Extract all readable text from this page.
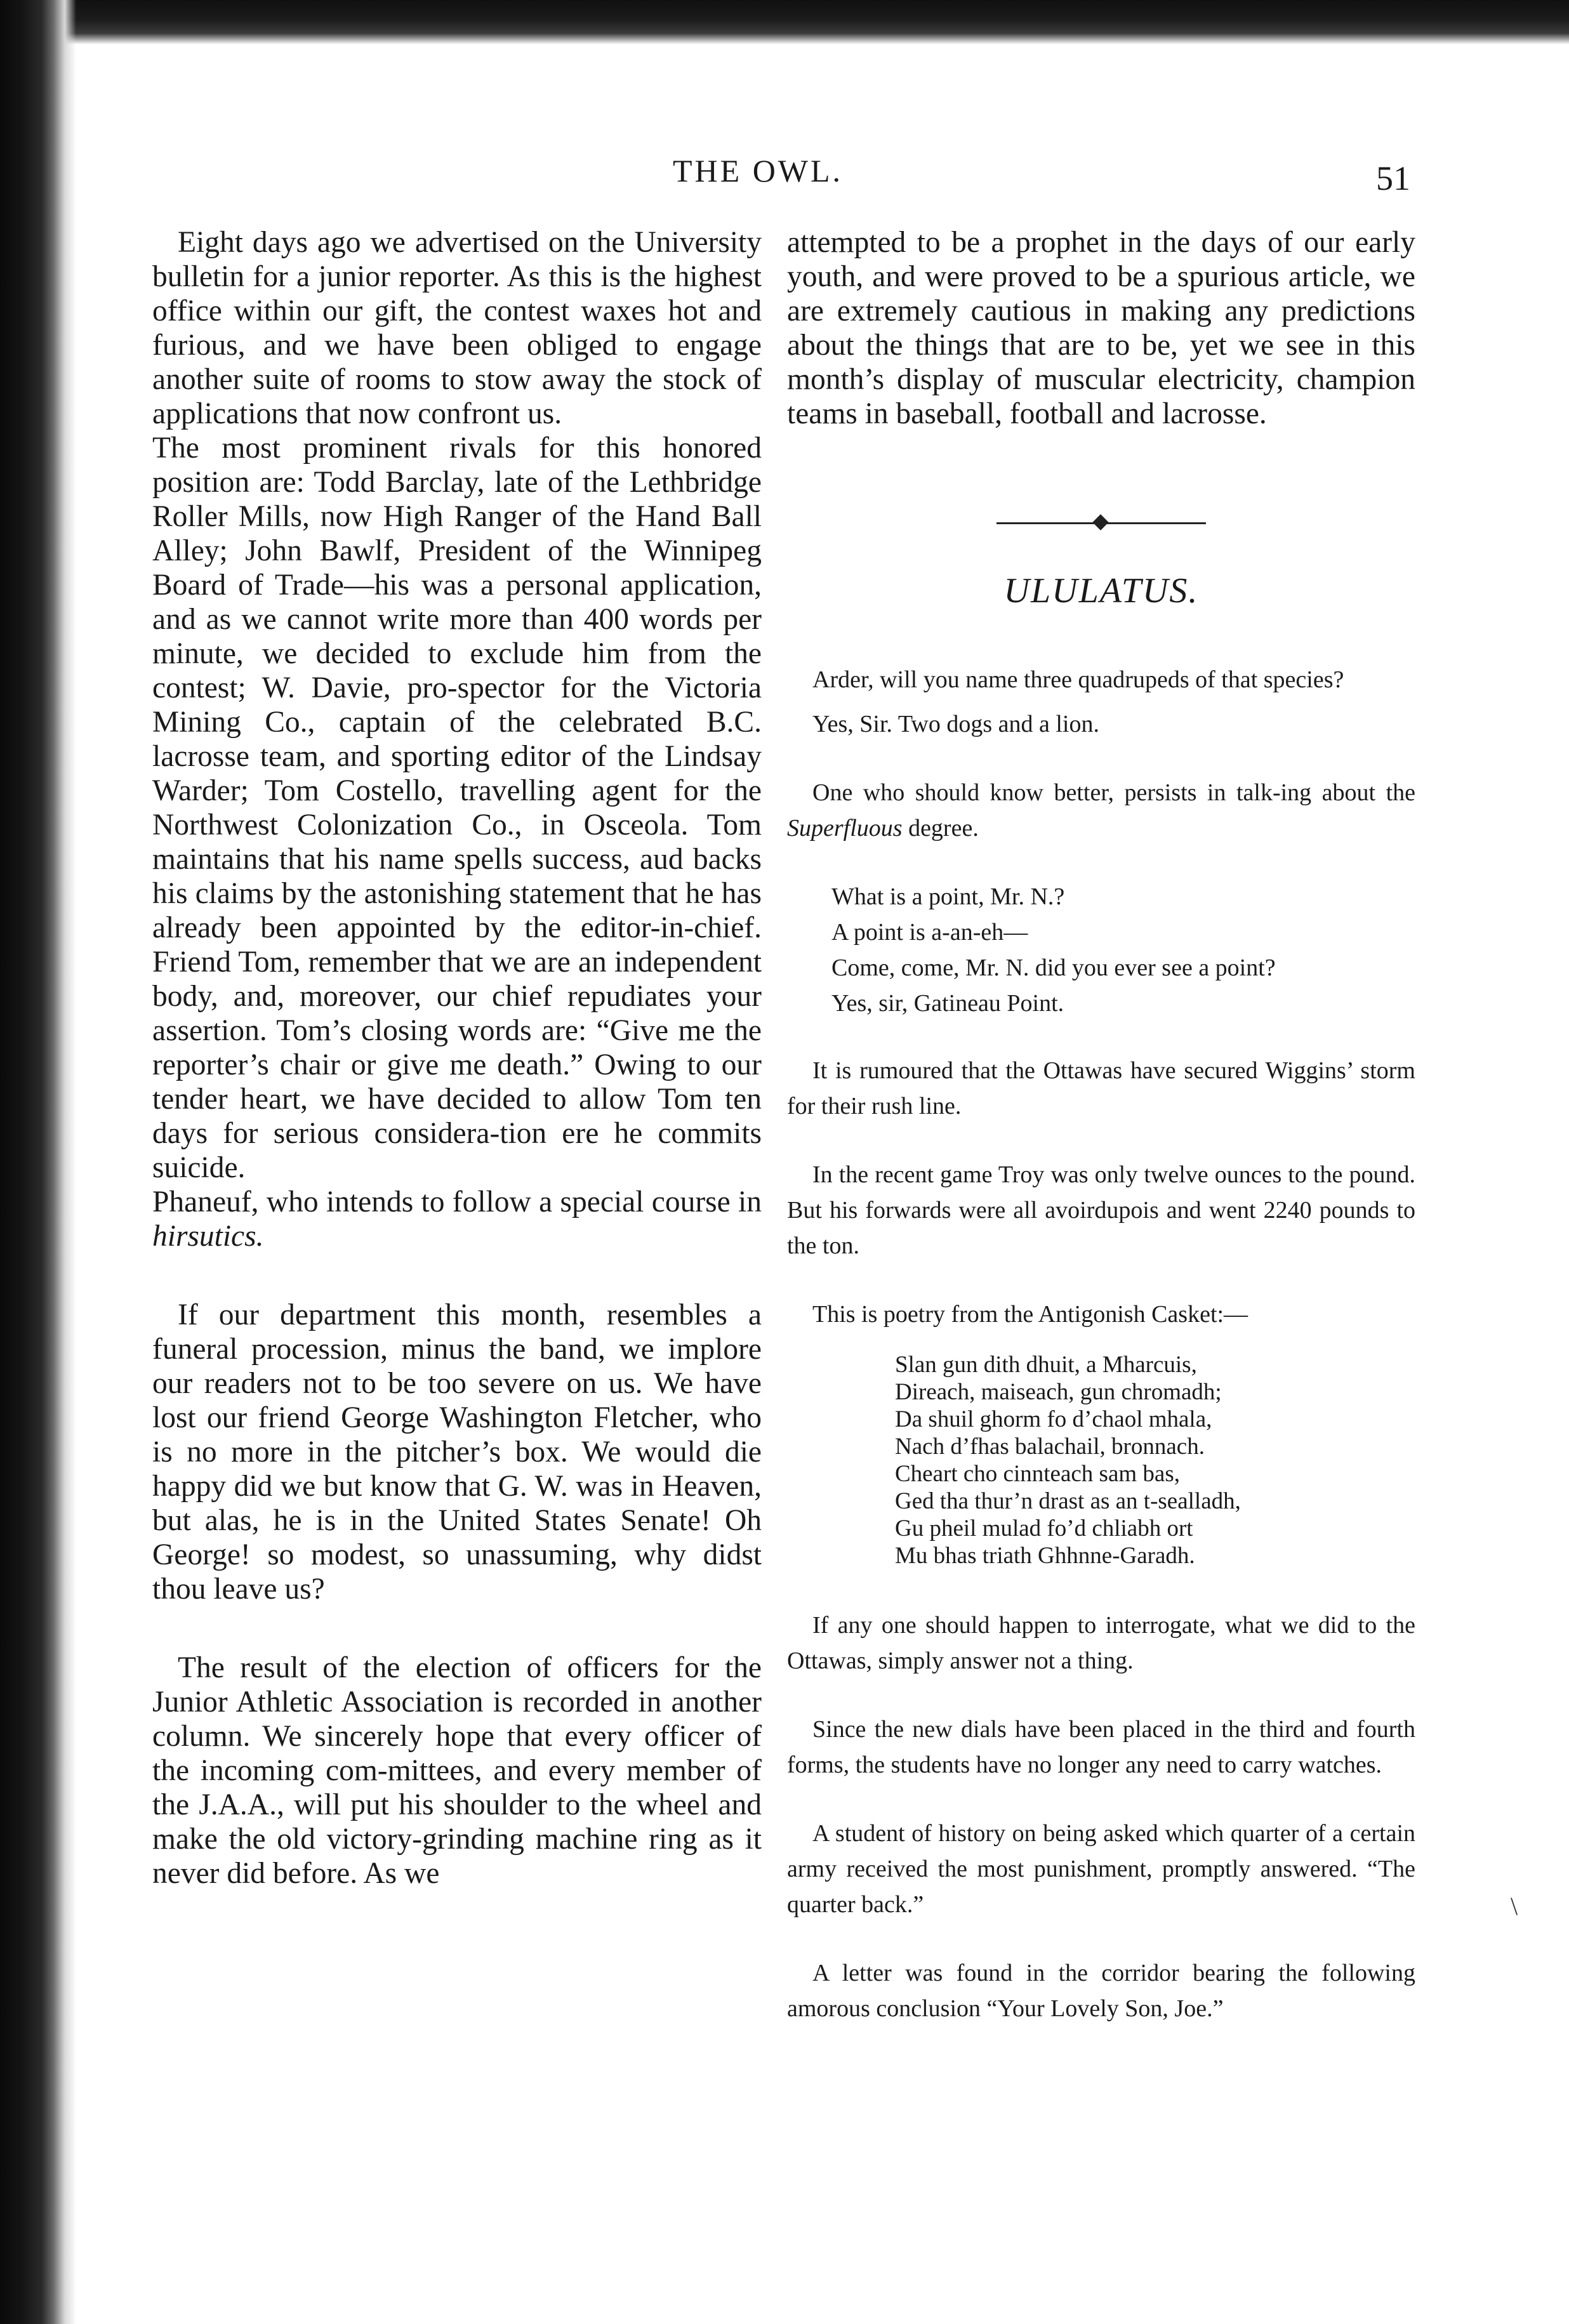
\
THE OWL.	51

Eight days ago we advertised on the University bulletin for a junior reporter. As this is the highest office within our gift, the contest waxes hot and furious, and we have been obliged to engage another suite of rooms to stow away the stock of applications that now confront us.

The most prominent rivals for this honored position are: Todd Barclay, late of the Lethbridge Roller Mills, now High Ranger of the Hand Ball Alley; John Bawlf, President of the Winnipeg Board of Trade—his was a personal application, and as we cannot write more than 400 words per minute, we decided to exclude him from the contest; W. Davie, pro-spector for the Victoria Mining Co., captain of the celebrated B.C. lacrosse team, and sporting editor of the Lindsay Warder; Tom Costello, travelling agent for the Northwest Colonization Co., in Osceola. Tom maintains that his name spells success, aud backs his claims by the astonishing statement that he has already been appointed by the editor-in-chief. Friend Tom, remember that we are an independent body, and, moreover, our chief repudiates your assertion. Tom’s closing words are: “Give me the reporter’s chair or give me death.” Owing to our tender heart, we have decided to allow Tom ten days for serious considera-tion ere he commits suicide.

Phaneuf, who intends to follow a special course in hirsutics.

If our department this month, resembles a funeral procession, minus the band, we implore our readers not to be too severe on us. We have lost our friend George Washington Fletcher, who is no more in the pitcher’s box. We would die happy did we but know that G. W. was in Heaven, but alas, he is in the United States Senate! Oh George! so modest, so unassuming, why didst thou leave us?

The result of the election of officers for the Junior Athletic Association is recorded in another column. We sincerely hope that every officer of the incoming com-mittees, and every member of the J.A.A., will put his shoulder to the wheel and make the old victory-grinding machine ring as it never did before. As we

attempted to be a prophet in the days of our early youth, and were proved to be a spurious article, we are extremely cautious in making any predictions about the things that are to be, yet we see in this month’s display of muscular electricity, champion teams in baseball, football and lacrosse.

ULULATUS.
Arder, will you name three quadrupeds of that species?
Yes, Sir. Two dogs and a lion.
One who should know better, persists in talk-ing about the Superfluous degree.
What is a point, Mr. N.?
A point is a-an-eh—
Come, come, Mr. N. did you ever see a point?
Yes, sir, Gatineau Point.
It is rumoured that the Ottawas have secured Wiggins’ storm for their rush line.
In the recent game Troy was only twelve ounces to the pound. But his forwards were all avoirdupois and went 2240 pounds to the ton.
This is poetry from the Antigonish Casket:—
Slan gun dith dhuit, a Mharcuis,
Direach, maiseach, gun chromadh;
Da shuil ghorm fo d’chaol mhala,
Nach d’fhas balachail, bronnach.
Cheart cho cinnteach sam bas,
Ged tha thur’n drast as an t-sealladh,
Gu pheil mulad fo’d chliabh ort
Mu bhas triath Ghhnne-Garadh.
If any one should happen to interrogate, what we did to the Ottawas, simply answer not a thing.
Since the new dials have been placed in the third and fourth forms, the students have no longer any need to carry watches.
A student of history on being asked which quarter of a certain army received the most punishment, promptly answered. “The quarter back.”
A letter was found in the corridor bearing the following amorous conclusion “Your Lovely Son, Joe.”
